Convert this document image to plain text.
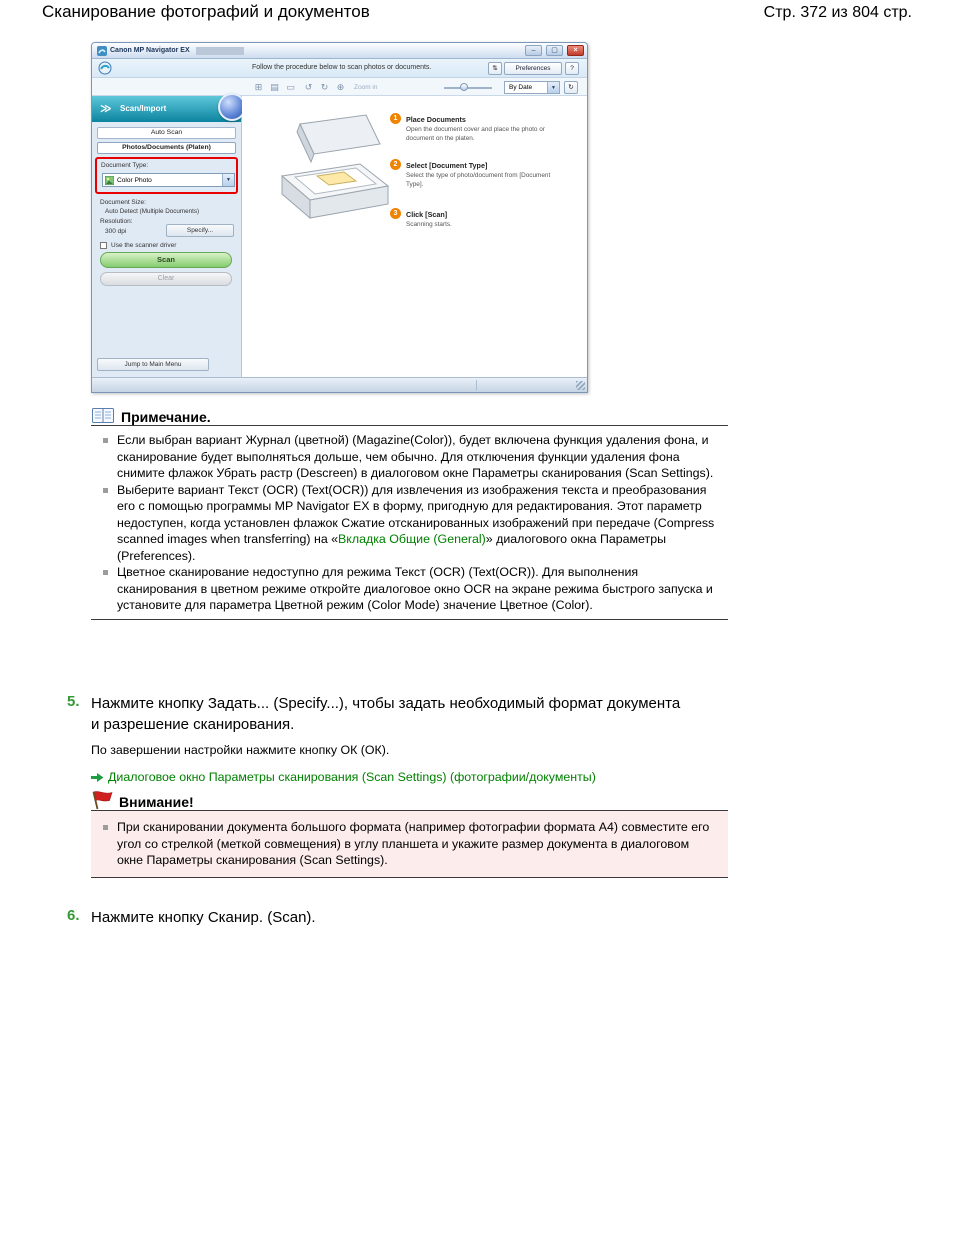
Сканирование фотографий и документов	Стр. 372 из 804 стр.
Canon MP Navigator EX	– ▢ ×
Follow the procedure below to scan photos or documents.	⇅	Preferences	?
⊞ ▤ ▭	↺ ↻ ⊕	Zoom in	By Date	▼	↻
≫ Scan/Import
Auto Scan
Photos/Documents (Platen)
Document Type:
Color Photo	▼
Document Size:
Auto Detect (Multiple Documents)
Resolution:
300 dpi	Specify...
Use the scanner driver
Scan
Clear
Jump to Main Menu
1	Place Documents
Open the document cover and place the photo or document on the platen.
2	Select [Document Type]
Select the type of photo/document from [Document Type].
3	Click [Scan]
Scanning starts.
Примечание.
Если выбран вариант Журнал (цветной) (Magazine(Color)), будет включена функция удаления фона, и сканирование будет выполняться дольше, чем обычно. Для отключения функции удаления фона снимите флажок Убрать растр (Descreen) в диалоговом окне Параметры сканирования (Scan Settings).
Выберите вариант Текст (OCR) (Text(OCR)) для извлечения из изображения текста и преобразования его с помощью программы MP Navigator EX в форму, пригодную для редактирования. Этот параметр недоступен, когда установлен флажок Сжатие отсканированных изображений при передаче (Compress scanned images when transferring) на «Вкладка Общие (General)» диалогового окна Параметры (Preferences).
Цветное сканирование недоступно для режима Текст (OCR) (Text(OCR)). Для выполнения сканирования в цветном режиме откройте диалоговое окно OCR на экране режима быстрого запуска и установите для параметра Цветной режим (Color Mode) значение Цветное (Color).
5. Нажмите кнопку Задать... (Specify...), чтобы задать необходимый формат документа и разрешение сканирования.
По завершении настройки нажмите кнопку ОК (ОК).
Диалоговое окно Параметры сканирования (Scan Settings) (фотографии/документы)
Внимание!
При сканировании документа большого формата (например фотографии формата A4) совместите его угол со стрелкой (меткой совмещения) в углу планшета и укажите размер документа в диалоговом окне Параметры сканирования (Scan Settings).
6. Нажмите кнопку Сканир. (Scan).
